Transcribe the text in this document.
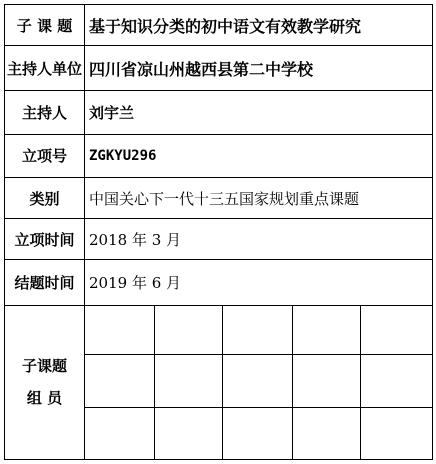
子 课 题	基于知识分类的初中语文有效教学研究				
主持人单位	四川省凉山州越西县第二中学校				
主持人	刘宇兰				
立项号	ZGKYU296				
类别	中国关心下一代十三五国家规划重点课题				
立项时间	2018 年 3 月				
结题时间	2019 年 6 月				

子课题
组 员					
